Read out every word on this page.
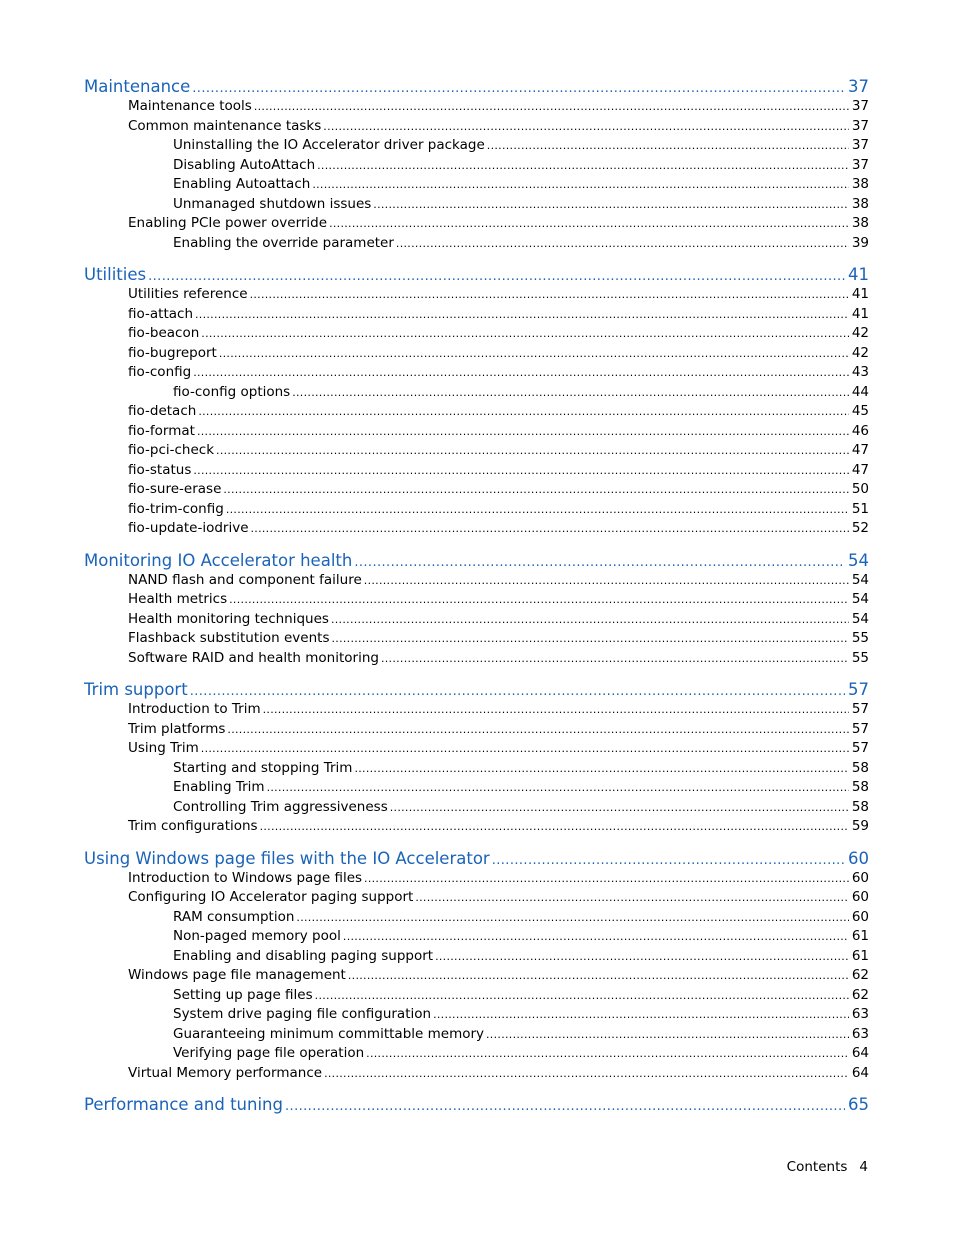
Maintenance .....	37
Maintenance tools .....	37
Common maintenance tasks .....	37
Uninstalling the IO Accelerator driver package .....	37
Disabling AutoAttach .....	37
Enabling Autoattach .....	38
Unmanaged shutdown issues .....	38
Enabling PCIe power override .....	38
Enabling the override parameter .....	39
Utilities .....	41
Utilities reference .....	41
fio-attach .....	41
fio-beacon .....	42
fio-bugreport .....	42
fio-config .....	43
fio-config options .....	44
fio-detach .....	45
fio-format .....	46
fio-pci-check .....	47
fio-status .....	47
fio-sure-erase .....	50
fio-trim-config .....	51
fio-update-iodrive .....	52
Monitoring IO Accelerator health .....	54
NAND flash and component failure .....	54
Health metrics .....	54
Health monitoring techniques .....	54
Flashback substitution events .....	55
Software RAID and health monitoring .....	55
Trim support .....	57
Introduction to Trim .....	57
Trim platforms .....	57
Using Trim .....	57
Starting and stopping Trim .....	58
Enabling Trim .....	58
Controlling Trim aggressiveness .....	58
Trim configurations .....	59
Using Windows page files with the IO Accelerator .....	60
Introduction to Windows page files .....	60
Configuring IO Accelerator paging support .....	60
RAM consumption .....	60
Non-paged memory pool .....	61
Enabling and disabling paging support .....	61
Windows page file management .....	62
Setting up page files .....	62
System drive paging file configuration .....	63
Guaranteeing minimum committable memory .....	63
Verifying page file operation .....	64
Virtual Memory performance .....	64
Performance and tuning .....	65
Contents 4
